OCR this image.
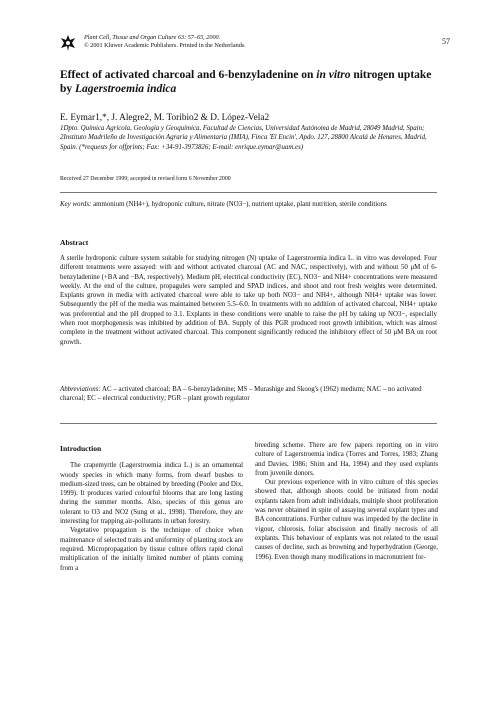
Plant Cell, Tissue and Organ Culture 63: 57–65, 2000.
© 2001 Kluwer Academic Publishers. Printed in the Netherlands.	57
Effect of activated charcoal and 6-benzyladenine on in vitro nitrogen uptake by Lagerstroemia indica
E. Eymar1,*, J. Alegre2, M. Toribio2 & D. López-Vela2
1Dpto. Química Agrícola, Geología y Geoquímica, Facultad de Ciencias, Universidad Autónoma de Madrid, 28049 Madrid, Spain; 2Instituto Madrileño de Investigación Agraria y Alimentaria (IMIA), Finca 'El Encín', Apdo. 127, 28800 Alcalá de Henares, Madrid, Spain. (*requests for offprints; Fax: +34-91-3973826; E-mail: enrique.eymar@uam.es)
Received 27 December 1999; accepted in revised form 6 November 2000
Key words: ammonium (NH4+), hydroponic culture, nitrate (NO3−), nutrient uptake, plant nutrition, sterile conditions
Abstract
A sterile hydroponic culture system suitable for studying nitrogen (N) uptake of Lagerstroemia indica L. in vitro was developed. Four different treatments were assayed: with and without activated charcoal (AC and NAC, respectively), with and without 50 μM of 6-benzyladenine (+BA and −BA, respectively). Medium pH, electrical conductivity (EC), NO3− and NH4+ concentrations were measured weekly. At the end of the culture, propagules were sampled and SPAD indices, and shoot and root fresh weights were determined. Explants grown in media with activated charcoal were able to take up both NO3− and NH4+, although NH4+ uptake was lower. Subsequently the pH of the media was maintained between 5.5–6.0. In treatments with no addition of activated charcoal, NH4+ uptake was preferential and the pH dropped to 3.1. Explants in these conditions were unable to raise the pH by taking up NO3−, especially when root morphogenesis was inhibited by addition of BA. Supply of this PGR produced root growth inhibition, which was almost complete in the treatment without activated charcoal. This component significantly reduced the inhibitory effect of 50 μM BA on root growth.
Abbreviations: AC – activated charcoal; BA – 6-benzyladenine; MS – Murashige and Skoog's (1962) medium; NAC – no activated charcoal; EC – electrical conductivity; PGR – plant growth regulator
Introduction

The crapemyrtle (Lagerstroemia indica L.) is an ornamental woody species in which many forms, from dwarf bushes to medium-sized trees, can be obtained by breeding (Pooler and Dix, 1999). It produces varied colourful blooms that are long lasting during the summer months. Also, species of this genus are tolerant to O3 and NO2 (Sung et al., 1998). Therefore, they are interesting for trapping air-pollutants in urban forestry.

Vegetative propagation is the technique of choice when maintenance of selected traits and uniformity of planting stock are required. Micropropagation by tissue culture offers rapid clonal multiplication of the initially limited number of plants coming from a

breeding scheme. There are few papers reporting on in vitro culture of Lagerstroemia indica (Torres and Torres, 1983; Zhang and Davies, 1986; Shim and Ha, 1994) and they used explants from juvenile donors.

Our previous experience with in vitro culture of this species showed that, although shoots could be initiated from nodal explants taken from adult individuals, multiple shoot proliferation was never obtained in spite of assaying several explant types and BA concentrations. Further culture was impeded by the decline in vigour, chlorosis, foliar abscission and finally necrosis of all explants. This behaviour of explants was not related to the usual causes of decline, such as browning and hyperhydration (George, 1996). Even though many modifications in macronutrient for-
